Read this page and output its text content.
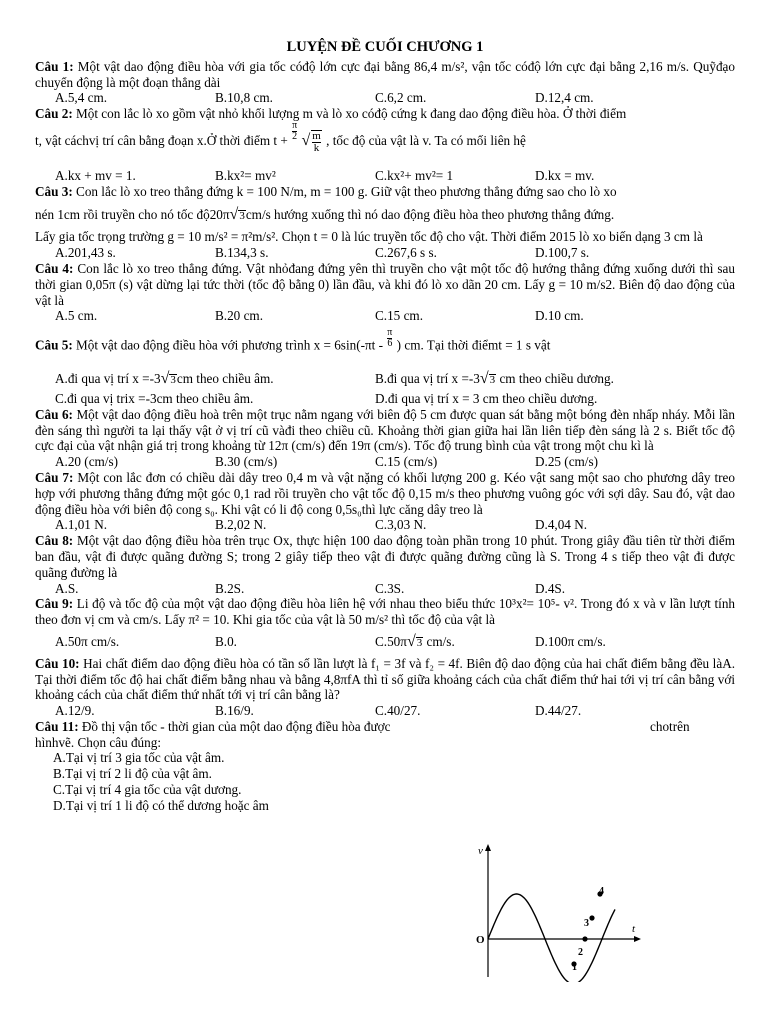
LUYỆN ĐỀ CUỐI CHƯƠNG 1

Câu 1: Một vật dao động điều hòa với gia tốc cóđộ lớn cực đại bằng 86,4 m/s², vận tốc cóđộ lớn cực đại bằng 2,16 m/s. Quỹđạo chuyển động là một đoạn thẳng dài

A.5,4 cm.	B.10,8 cm.	C.6,2 cm.	D.12,4 cm.

Câu 2: Một con lắc lò xo gồm vật nhỏ khối lượng m và lò xo cóđộ cứng k đang dao động điều hòa. Ở thời điểm

t, vật cáchvị trí cân bằng đoạn x.Ở thời điểm $t + \frac{\pi}{2}$ √ $\frac{m}{k}$ , tốc độ của vật là v. Ta có mối liên hệ

A.kx + mv = 1.	B.kx²= mv²	C.kx²+ mv²= 1	D.kx = mv.

Câu 3: Con lắc lò xo treo thẳng đứng k = 100 N/m, m = 100 g. Giữ vật theo phương thẳng đứng sao cho lò xo

nén 1cm rồi truyền cho nó tốc độ20π√3cm/s hướng xuống thì nó dao động điều hòa theo phương thẳng đứng.

Lấy gia tốc trọng trường g = 10 m/s² = π²m/s². Chọn t = 0 là lúc truyền tốc độ cho vật. Thời điểm 2015 lò xo biến dạng 3 cm là

A.201,43 s.	B.134,3 s.	C.267,6 s s.	D.100,7 s.

Câu 4: Con lắc lò xo treo thẳng đứng. Vật nhỏđang đứng yên thì truyền cho vật một tốc độ hướng thẳng đứng xuống dưới thì sau thời gian 0,05π (s) vật dừng lại tức thời (tốc độ bằng 0) lần đầu, và khi đó lò xo dãn 20 cm. Lấy g = 10 m/s2. Biên độ dao động của vật là

A.5 cm.	B.20 cm.	C.15 cm.	D.10 cm.

Câu 5: Một vật dao động điều hòa với phương trình $x = 6\sin(-\pi t - \frac{\pi}{6}$ ) cm. Tại thời điểmt = 1 s vật

A.đi qua vị trí x =-3√3cm theo chiều âm.	B.đi qua vị trí x =-3√3 cm theo chiều dương.
C.đi qua vị trix =-3cm theo chiều âm.	D.đi qua vị trí x = 3 cm theo chiều dương.

Câu 6: Một vật dao động điều hoà trên một trục nằm ngang với biên độ 5 cm được quan sát bằng một bóng đèn nhấp nháy. Mỗi lần đèn sáng thì người ta lại thấy vật ở vị trí cũ vàđi theo chiều cũ. Khoảng thời gian giữa hai lần liên tiếp đèn sáng là 2 s. Biết tốc độ cực đại của vật nhận giá trị trong khoảng từ 12π (cm/s) đến 19π (cm/s). Tốc độ trung bình của vật trong một chu kì là

A.20 (cm/s)	B.30 (cm/s)	C.15 (cm/s)	D.25 (cm/s)

Câu 7: Một con lắc đơn có chiều dài dây treo 0,4 m và vật nặng có khối lượng 200 g. Kéo vật sang một sao cho phương dây treo hợp với phương thẳng đứng một góc 0,1 rad rồi truyền cho vật tốc độ 0,15 m/s theo phương vuông góc với sợi dây. Sau đó, vật dao động điều hòa với biên độ cong s₀. Khi vật có li độ cong 0,5s₀thì lực căng dây treo là

A.1,01 N.	B.2,02 N.	C.3,03 N.	D.4,04 N.

Câu 8: Một vật dao động điều hòa trên trục Ox, thực hiện 100 dao động toàn phần trong 10 phút. Trong giây đầu tiên từ thời điểm ban đầu, vật đi được quãng đường S; trong 2 giây tiếp theo vật đi được quãng đường cũng là S. Trong 4 s tiếp theo vật đi được quãng đường là

A.S.	B.2S.	C.3S.	D.4S.

Câu 9: Li độ và tốc độ của một vật dao động điều hòa liên hệ với nhau theo biểu thức 10³x²= 10⁵- v². Trong đó x và v lần lượt tính theo đơn vị cm và cm/s. Lấy π² = 10. Khi gia tốc của vật là 50 m/s² thì tốc độ của vật là

A.50π cm/s.	B.0.	C.50π√3 cm/s.	D.100π cm/s.

Câu 10: Hai chất điểm dao động điều hòa có tần số lần lượt là f₁ = 3f và f₂ = 4f. Biên độ dao động của hai chất điểm bằng đều làA. Tại thời điểm tốc độ hai chất điểm bằng nhau và bằng 4,8πfA thì tỉ số giữa khoảng cách của chất điểm thứ hai tới vị trí cân bằng với khoảng cách của chất điểm thứ nhất tới vị trí cân bằng là?

A.12/9.	B.16/9.	C.40/27.	D.44/27.

Câu 11: Đồ thị vận tốc - thời gian của một dao động điều hòa được	chotrên

hìnhvẽ. Chọn câu đúng:

A.Tại vị trí 3 gia tốc của vật âm.
B.Tại vị trí 2 li độ của vật âm.
C.Tại vị trí 4 gia tốc của vật dương.
D.Tại vị trí 1 li độ có thể dương hoặc âm
v
t
O
1
2
3
4
